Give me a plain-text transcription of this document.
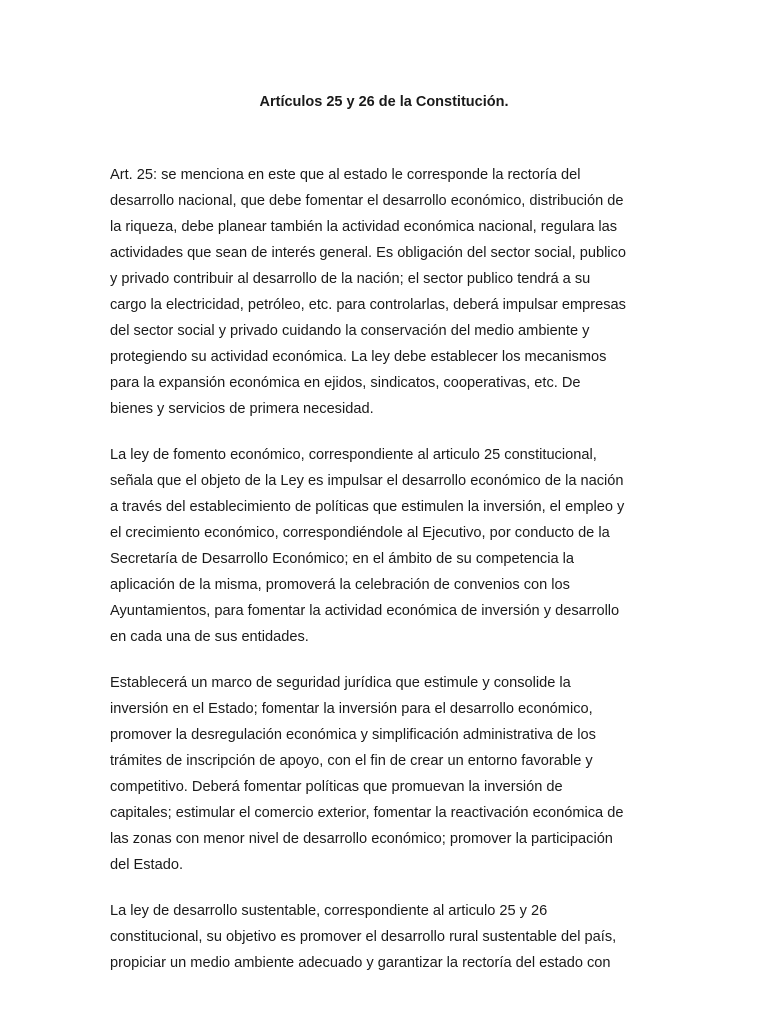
Artículos 25 y 26 de la Constitución.

Art. 25: se menciona en este que al estado le corresponde la rectoría del
desarrollo nacional, que debe fomentar el desarrollo económico, distribución de
la riqueza, debe planear también la actividad económica nacional, regulara las
actividades que sean de interés general. Es obligación del sector social, publico
y privado contribuir al desarrollo de la nación; el sector publico tendrá a su
cargo la electricidad, petróleo, etc. para controlarlas, deberá impulsar empresas
del sector social y privado cuidando la conservación del medio ambiente y
protegiendo su actividad económica. La ley debe establecer los mecanismos
para la expansión económica en ejidos, sindicatos, cooperativas, etc. De
bienes y servicios de primera necesidad.

La ley de fomento económico, correspondiente al articulo 25 constitucional,
señala que el objeto de la Ley es impulsar el desarrollo económico de la nación
a través del establecimiento de políticas que estimulen la inversión, el empleo y
el crecimiento económico, correspondiéndole al Ejecutivo, por conducto de la
Secretaría de Desarrollo Económico; en el ámbito de su competencia la
aplicación de la misma, promoverá la celebración de convenios con los
Ayuntamientos, para fomentar la actividad económica de inversión y desarrollo
en cada una de sus entidades.

Establecerá un marco de seguridad jurídica que estimule y consolide la
inversión en el Estado; fomentar la inversión para el desarrollo económico,
promover la desregulación económica y simplificación administrativa de los
trámites de inscripción de apoyo, con el fin de crear un entorno favorable y
competitivo. Deberá fomentar políticas que promuevan la inversión de
capitales; estimular el comercio exterior, fomentar la reactivación económica de
las zonas con menor nivel de desarrollo económico; promover la participación
del Estado.

La ley de desarrollo sustentable, correspondiente al articulo 25 y 26
constitucional, su objetivo es promover el desarrollo rural sustentable del país,
propiciar un medio ambiente adecuado y garantizar la rectoría del estado con
